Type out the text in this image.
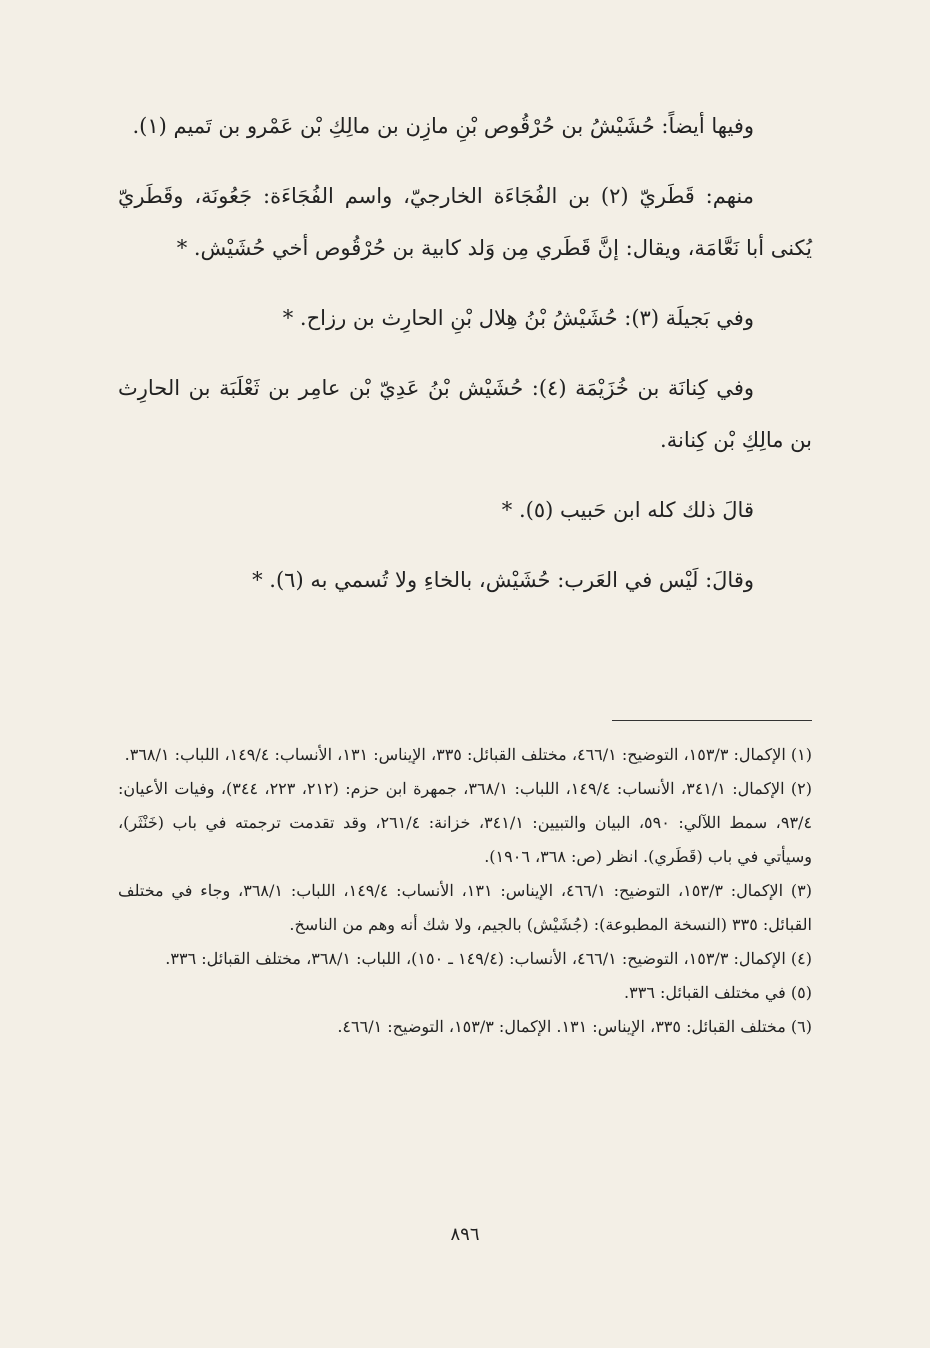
وفيها أيضاً: حُشَيْشُ بن حُرْقُوص بْنِ مازِن بن مالِكِ بْن عَمْرو بن تَميم (١).

منهم: قَطَريّ (٢) بن الفُجَاءَة الخارجيّ، واسم الفُجَاءَة: جَعُونَة، وقَطَريّ يُكنى أبا نَعَّامَة، ويقال: إنَّ قَطَري مِن وَلد كابية بن حُرْقُوص أخي حُشَيْش. *

وفي بَجيلَة (٣): حُشَيْشُ بْنُ هِلال بْنِ الحارِث بن رزاح. *

وفي كِنانَة بن خُزَيْمَة (٤): حُشَيْش بْنُ عَدِيّ بْن عامِر بن ثَعْلَبَة بن الحارِث بن مالِكِ بْن كِنانة.

قالَ ذلك كله ابن حَبيب (٥). *

وقالَ: لَيْس في العَرب: حُشَيْش، بالخاءِ ولا تُسمي به (٦). *

(١) الإكمال: ١٥٣/٣، التوضيح: ٤٦٦/١، مختلف القبائل: ٣٣٥، الإيناس: ١٣١، الأنساب: ١٤٩/٤، اللباب: ٣٦٨/١.

(٢) الإكمال: ٣٤١/١، الأنساب: ١٤٩/٤، اللباب: ٣٦٨/١، جمهرة ابن حزم: (٢١٢، ٢٢٣، ٣٤٤)، وفيات الأعيان: ٩٣/٤، سمط اللآلي: ٥٩٠، البيان والتبيين: ٣٤١/١، خزانة: ٢٦١/٤، وقد تقدمت ترجمته في باب (خَنْثَر)، وسيأتي في باب (قَطَري). انظر (ص: ٣٦٨، ١٩٠٦).

(٣) الإكمال: ١٥٣/٣، التوضيح: ٤٦٦/١، الإيناس: ١٣١، الأنساب: ١٤٩/٤، اللباب: ٣٦٨/١، وجاء في مختلف القبائل: ٣٣٥ (النسخة المطبوعة): (جُشَيْش) بالجيم، ولا شك أنه وهم من الناسخ.

(٤) الإكمال: ١٥٣/٣، التوضيح: ٤٦٦/١، الأنساب: (١٤٩/٤ ـ ١٥٠)، اللباب: ٣٦٨/١، مختلف القبائل: ٣٣٦.

(٥) في مختلف القبائل: ٣٣٦.

(٦) مختلف القبائل: ٣٣٥، الإيناس: ١٣١. الإكمال: ١٥٣/٣، التوضيح: ٤٦٦/١.

٨٩٦
